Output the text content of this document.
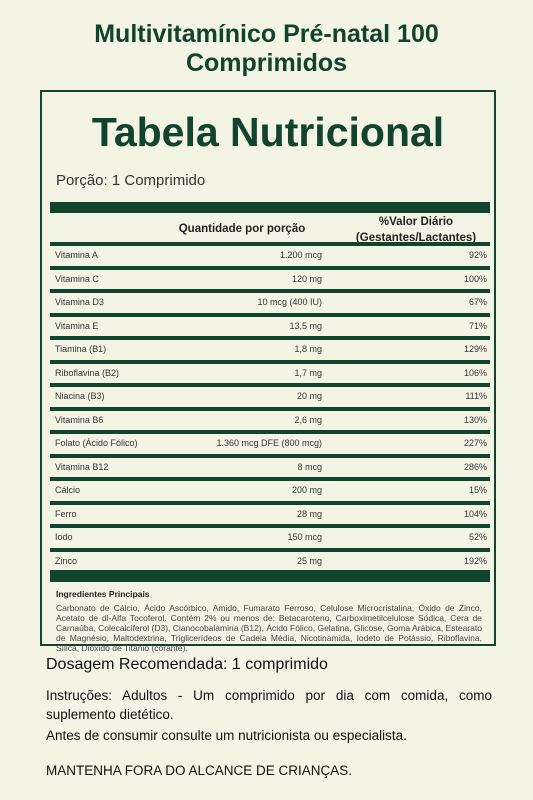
Multivitamínico Pré-natal 100
Comprimidos
Tabela Nutricional
Porção: 1 Comprimido
Quantidade por porção
%Valor Diário
(Gestantes/Lactantes)
Vitamina A	1.200 mcg	92%
Vitamina C	120 mg	100%
Vitamina D3	10 mcg (400 IU)	67%
Vitamina E	13,5 mg	71%
Tiamina (B1)	1,8 mg	129%
Riboflavina (B2)	1,7 mg	106%
Niacina (B3)	20 mg	111%
Vitamina B6	2,6 mg	130%
Folato (Ácido Fólico)	1.360 mcg DFE (800 mcg)	227%
Vitamina B12	8 mcg	286%
Cálcio	200 mg	15%
Ferro	28 mg	104%
Iodo	150 mcg	52%
Zinco	25 mg	192%
Ingredientes Principais
Carbonato de Cálcio, Ácido Ascórbico, Amido, Fumarato Ferroso, Celulose Microcristalina, Óxido de Zinco, Acetato de dl-Alfa Tocoferol. Contém 2% ou menos de: Betacaroteno, Carboximetilcelulose Sódica, Cera de Carnaúba, Colecalciferol (D3), Cianocobalamina (B12), Ácido Fólico, Gelatina, Glicose, Goma Arábica, Estearato de Magnésio, Maltodextrina, Triglicerídeos de Cadeia Média, Nicotinamida, Iodeto de Potássio, Riboflavina, Sílica, Dióxido de Titânio (corante).
Dosagem Recomendada: 1 comprimido
Instruções: Adultos - Um comprimido por dia com comida, como suplemento dietético.
Antes de consumir consulte um nutricionista ou especialista.
MANTENHA FORA DO ALCANCE DE CRIANÇAS.
